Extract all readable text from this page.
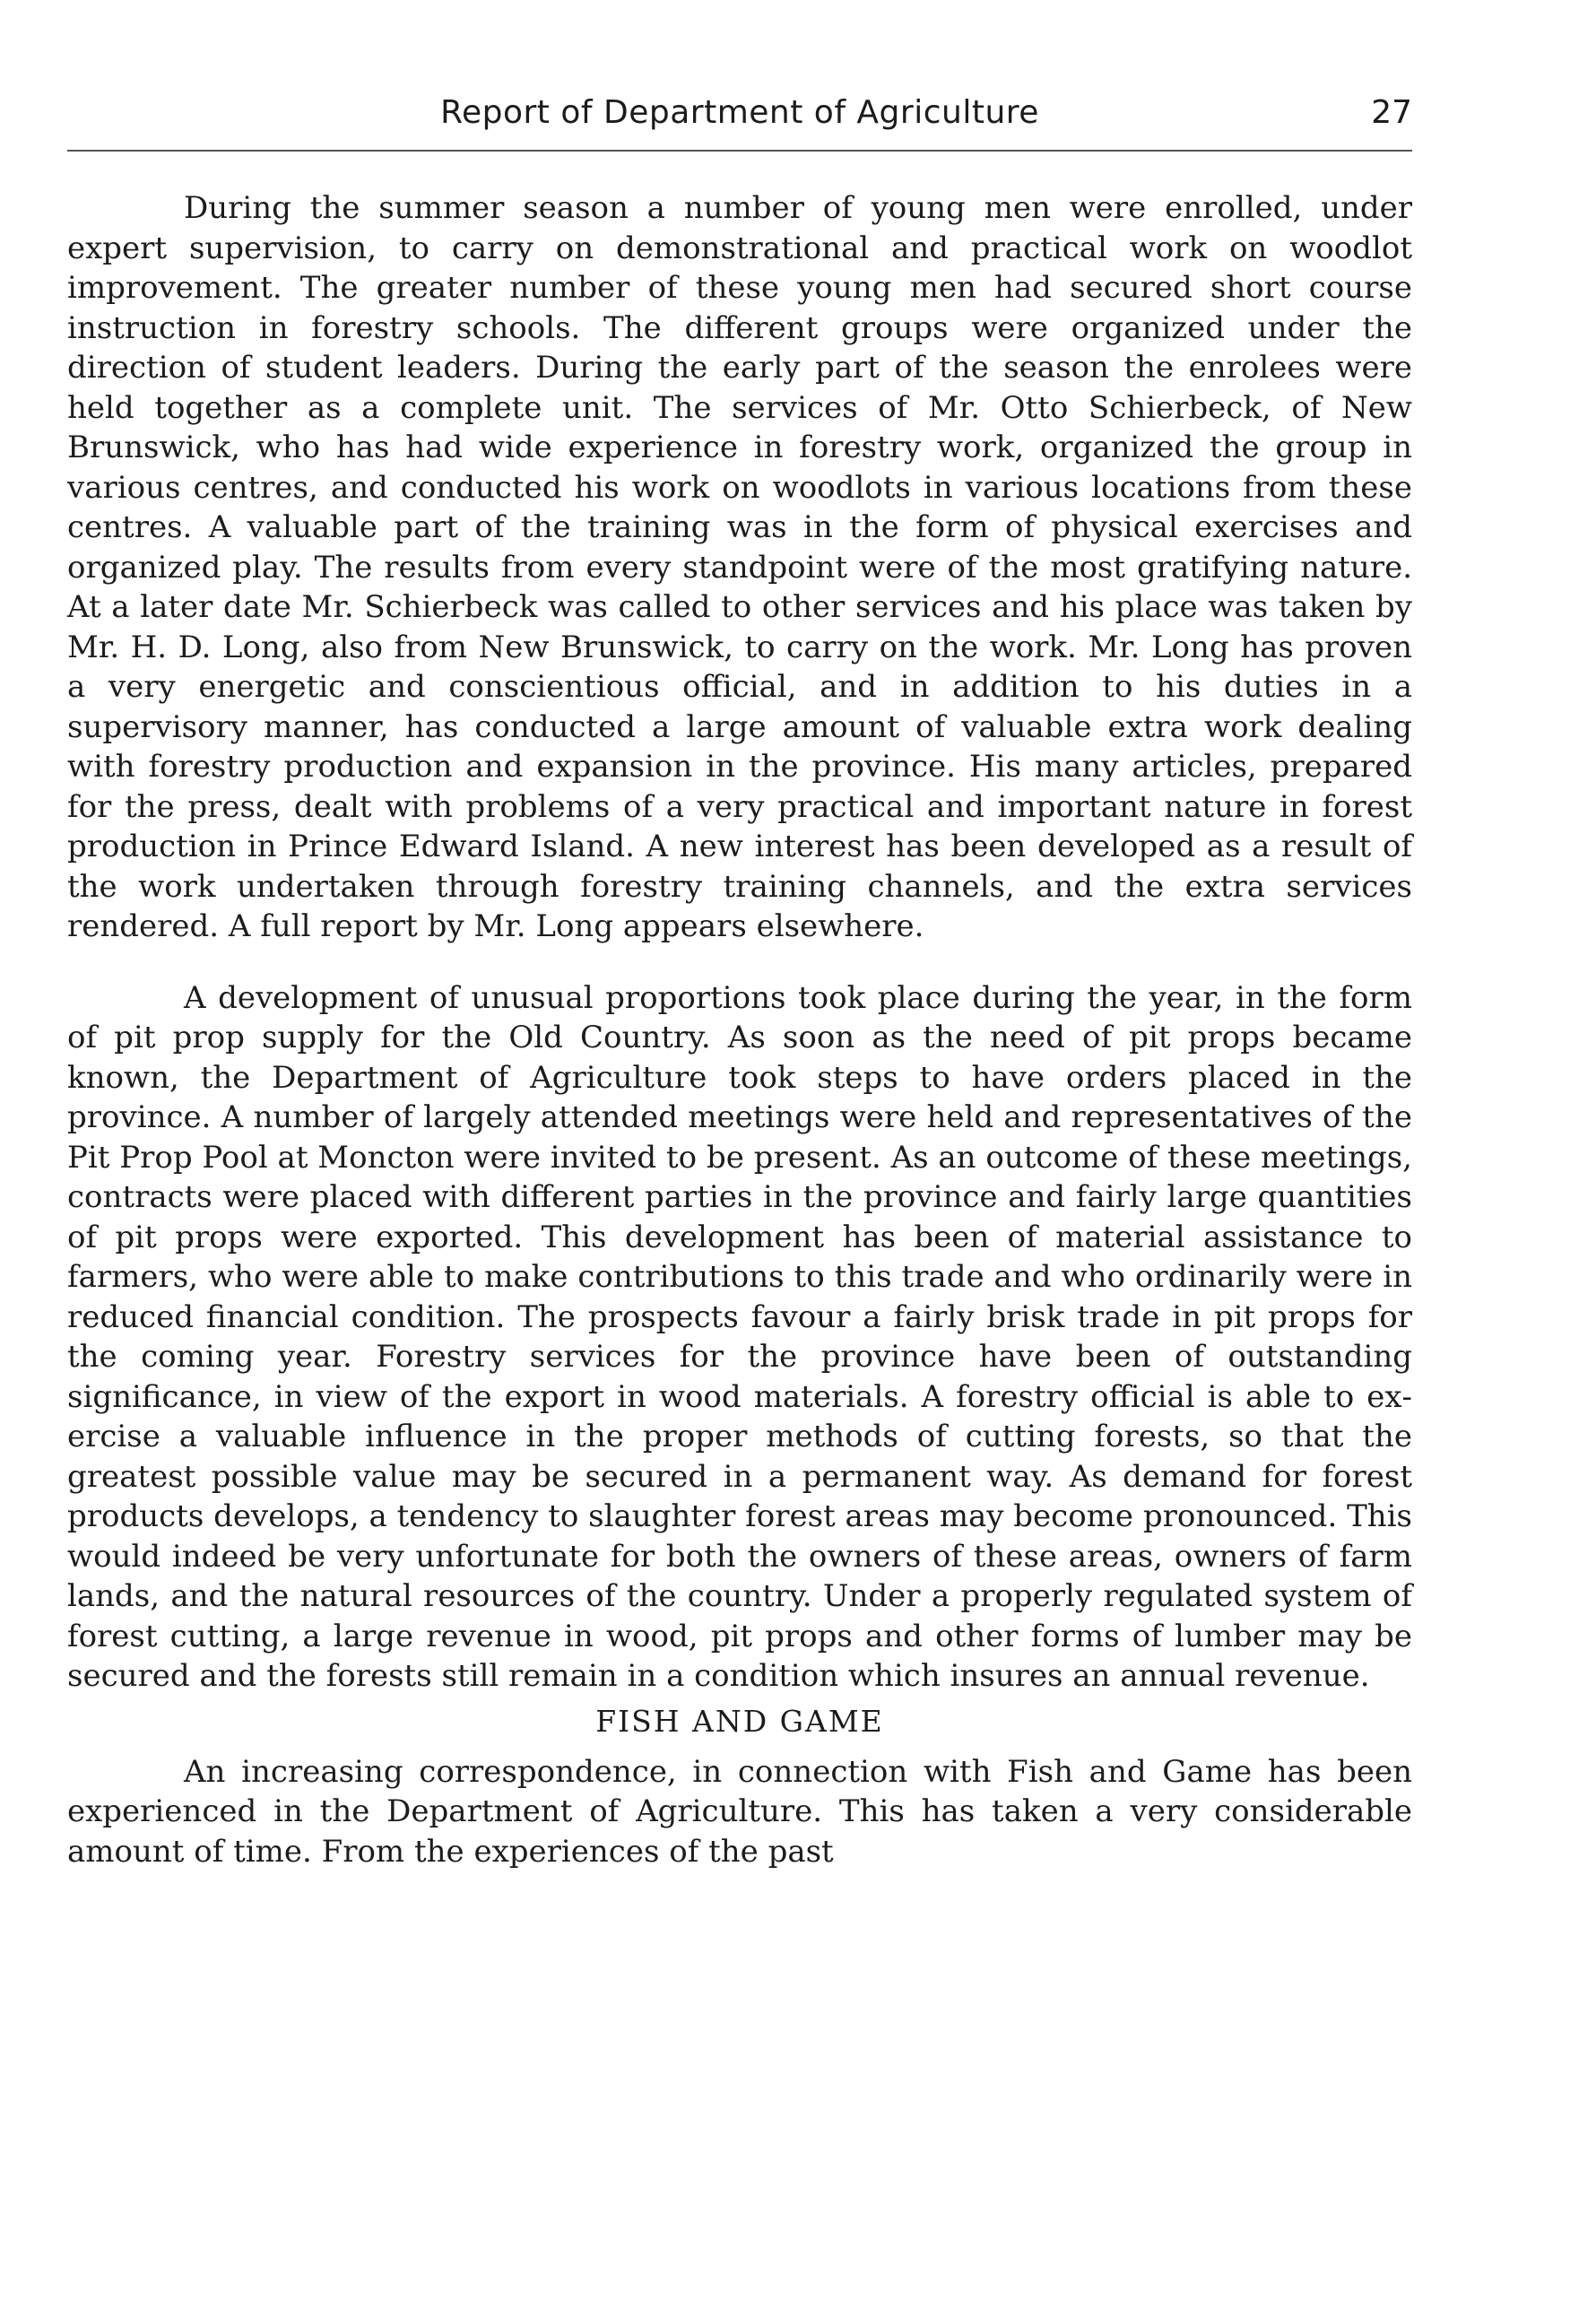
Report of Department of Agriculture	27

During the summer season a number of young men were enrolled, under expert supervision, to carry on demonstrational and practical work on woodlot improvement. The greater number of these young men had secured short course instruction in forestry schools. The different groups were organized under the direction of student leaders. During the early part of the season the enrolees were held together as a complete unit. The services of Mr. Otto Schierbeck, of New Brunswick, who has had wide experience in forestry work, organized the group in various centres, and conducted his work on woodlots in various locations from these centres. A valuable part of the training was in the form of physical exercises and organized play. The results from every standpoint were of the most gratifying nature. At a later date Mr. Schierbeck was called to other services and his place was taken by Mr. H. D. Long, also from New Brunswick, to carry on the work. Mr. Long has proven a very energetic and conscientious official, and in addition to his duties in a supervisory manner, has conducted a large amount of valuable extra work dealing with forestry production and expansion in the province. His many articles, prepared for the press, dealt with problems of a very practical and important nature in forest production in Prince Edward Island. A new interest has been developed as a result of the work undertaken through forestry training channels, and the extra services rendered. A full report by Mr. Long appears elsewhere.

A development of unusual proportions took place during the year, in the form of pit prop supply for the Old Country. As soon as the need of pit props became known, the Department of Agriculture took steps to have orders placed in the province. A number of largely attended meetings were held and representatives of the Pit Prop Pool at Moncton were invited to be present. As an outcome of these meetings, contracts were placed with different parties in the province and fairly large quantities of pit props were exported. This development has been of material assistance to farmers, who were able to make contributions to this trade and who ordinarily were in reduced financial condition. The prospects favour a fairly brisk trade in pit props for the coming year. Forestry services for the province have been of outstanding significance, in view of the export in wood materials. A forestry official is able to exercise a valuable influence in the proper methods of cutting forests, so that the greatest possible value may be secured in a permanent way. As demand for forest products develops, a tendency to slaughter forest areas may become pronounced. This would indeed be very unfortunate for both the owners of these areas, owners of farm lands, and the natural resources of the country. Under a properly regulated system of forest cutting, a large revenue in wood, pit props and other forms of lumber may be secured and the forests still remain in a condition which insures an annual revenue.

FISH AND GAME

An increasing correspondence, in connection with Fish and Game has been experienced in the Department of Agriculture. This has taken a very considerable amount of time. From the experiences of the past
